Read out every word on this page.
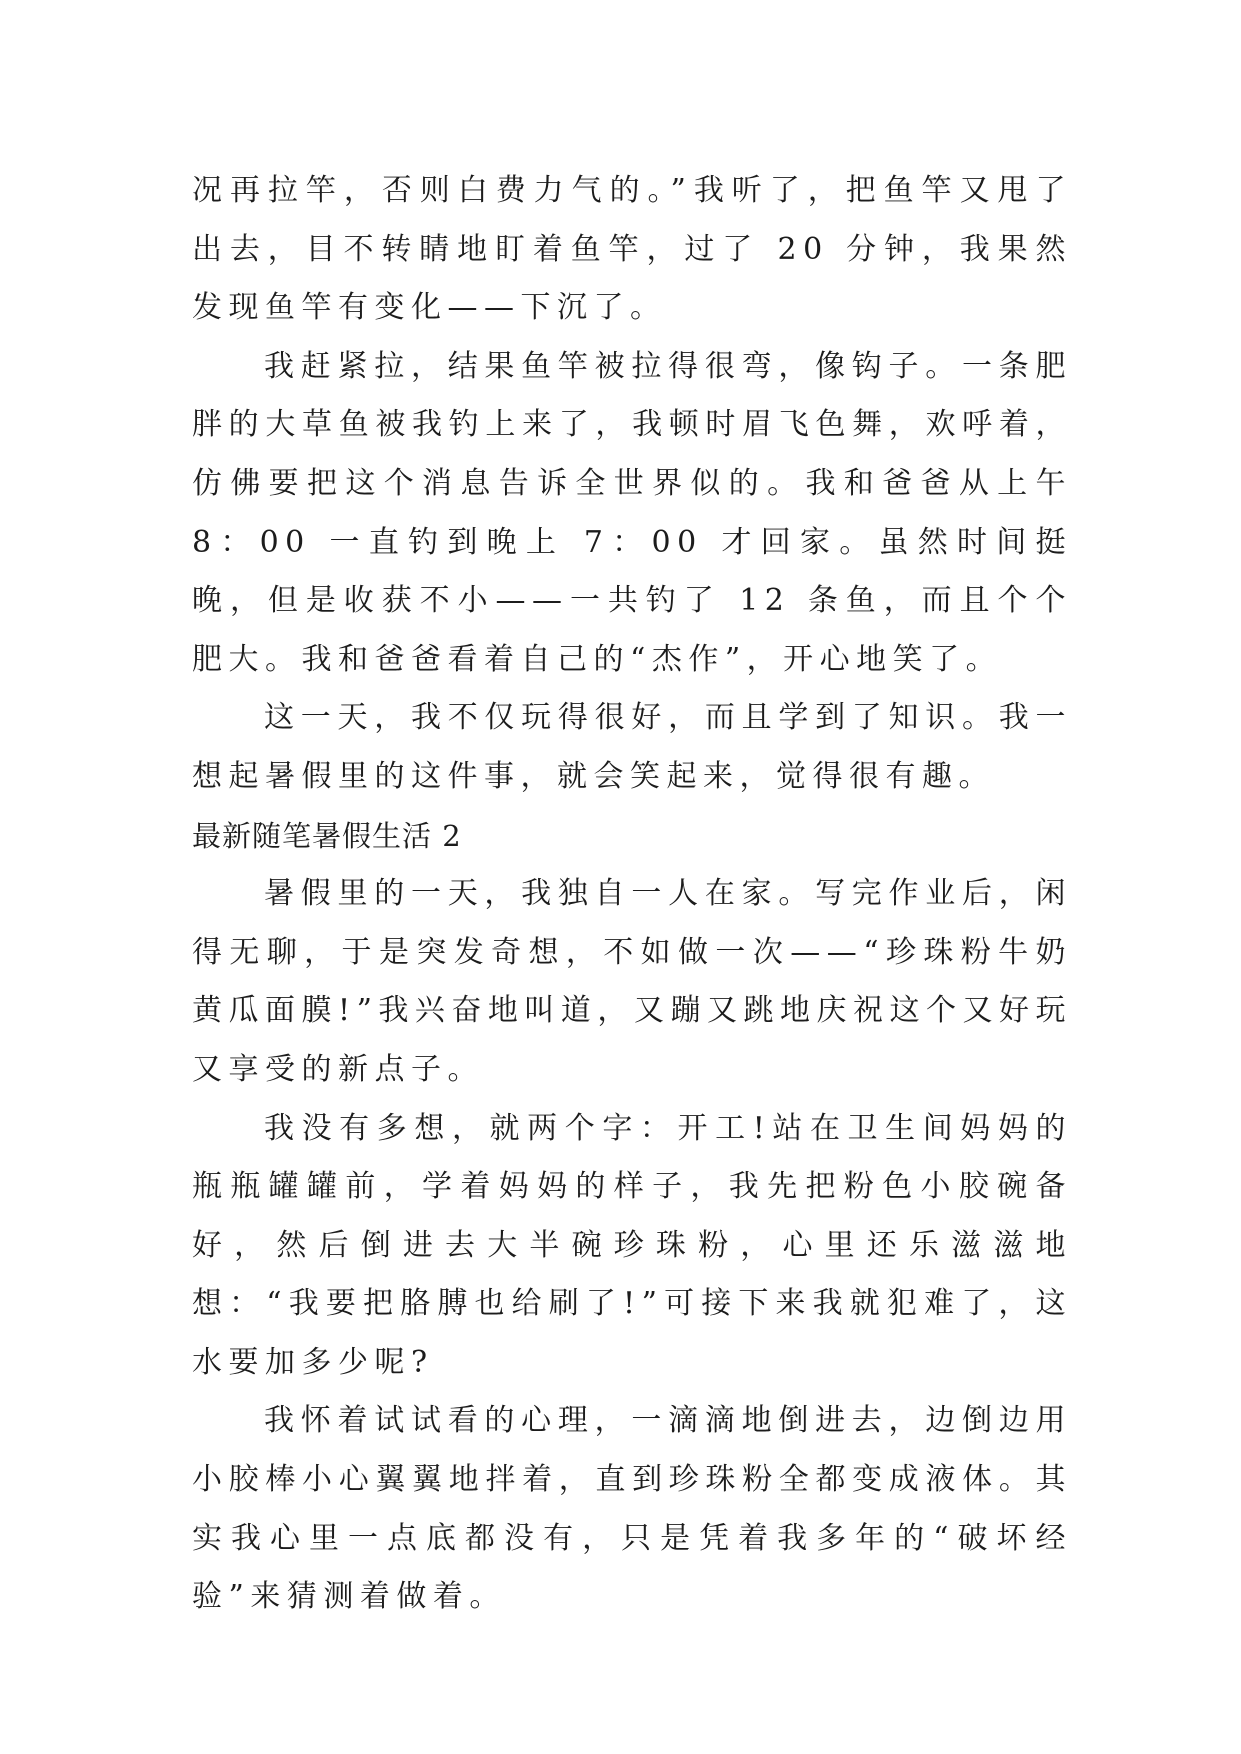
况再拉竿，否则白费力气的。”我听了，把鱼竿又甩了出去，目不转睛地盯着鱼竿，过了 20 分钟，我果然发现鱼竿有变化——下沉了。

我赶紧拉，结果鱼竿被拉得很弯，像钩子。一条肥胖的大草鱼被我钓上来了，我顿时眉飞色舞，欢呼着，仿佛要把这个消息告诉全世界似的。我和爸爸从上午 8：00 一直钓到晚上 7：00 才回家。虽然时间挺晚，但是收获不小——一共钓了 12 条鱼，而且个个肥大。我和爸爸看着自己的“杰作”，开心地笑了。

这一天，我不仅玩得很好，而且学到了知识。我一想起暑假里的这件事，就会笑起来，觉得很有趣。

最新随笔暑假生活 2

暑假里的一天，我独自一人在家。写完作业后，闲得无聊，于是突发奇想，不如做一次——“珍珠粉牛奶黄瓜面膜!”我兴奋地叫道，又蹦又跳地庆祝这个又好玩又享受的新点子。

我没有多想，就两个字：开工!站在卫生间妈妈的瓶瓶罐罐前，学着妈妈的样子，我先把粉色小胶碗备好，然后倒进去大半碗珍珠粉，心里还乐滋滋地想：“我要把胳膊也给刷了!”可接下来我就犯难了，这水要加多少呢?

我怀着试试看的心理，一滴滴地倒进去，边倒边用小胶棒小心翼翼地拌着，直到珍珠粉全都变成液体。其实我心里一点底都没有，只是凭着我多年的“破坏经验”来猜测着做着。
